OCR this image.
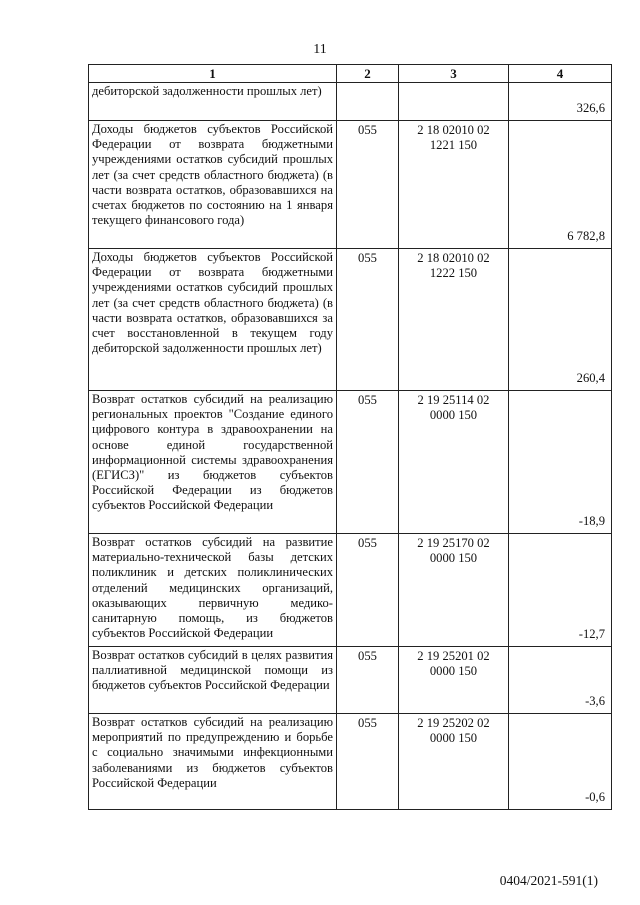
11
1	2	3	4
дебиторской задолженности прошлых лет)			326,6
Доходы бюджетов субъектов Российской Федерации от возврата бюджетными учреждениями остатков субсидий прошлых лет (за счет средств областного бюджета) (в части возврата остатков, образовавшихся на счетах бюджетов по состоянию на 1 января текущего финансового года)	055	2 18 02010 02
1221 150	6 782,8
Доходы бюджетов субъектов Российской Федерации от возврата бюджетными учреждениями остатков субсидий прошлых лет (за счет средств областного бюджета) (в части возврата остатков, образовавшихся за счет восстановленной в текущем году дебиторской задолженности прошлых лет)	055	2 18 02010 02
1222 150	260,4
Возврат остатков субсидий на реализацию региональных проектов "Создание единого цифрового контура в здравоохранении на основе единой государственной информационной системы здравоохранения (ЕГИСЗ)" из бюджетов субъектов Российской Федерации из бюджетов субъектов Российской Федерации	055	2 19 25114 02
0000 150	-18,9
Возврат остатков субсидий на развитие материально-технической базы детских поликлиник и детских поликлинических отделений медицинских организаций, оказывающих первичную медико-санитарную помощь, из бюджетов субъектов Российской Федерации	055	2 19 25170 02
0000 150	-12,7
Возврат остатков субсидий в целях развития паллиативной медицинской помощи из бюджетов субъектов Российской Федерации	055	2 19 25201 02
0000 150	-3,6
Возврат остатков субсидий на реализацию мероприятий по предупреждению и борьбе с социально значимыми инфекционными заболеваниями из бюджетов субъектов Российской Федерации	055	2 19 25202 02
0000 150	-0,6
0404/2021-591(1)
